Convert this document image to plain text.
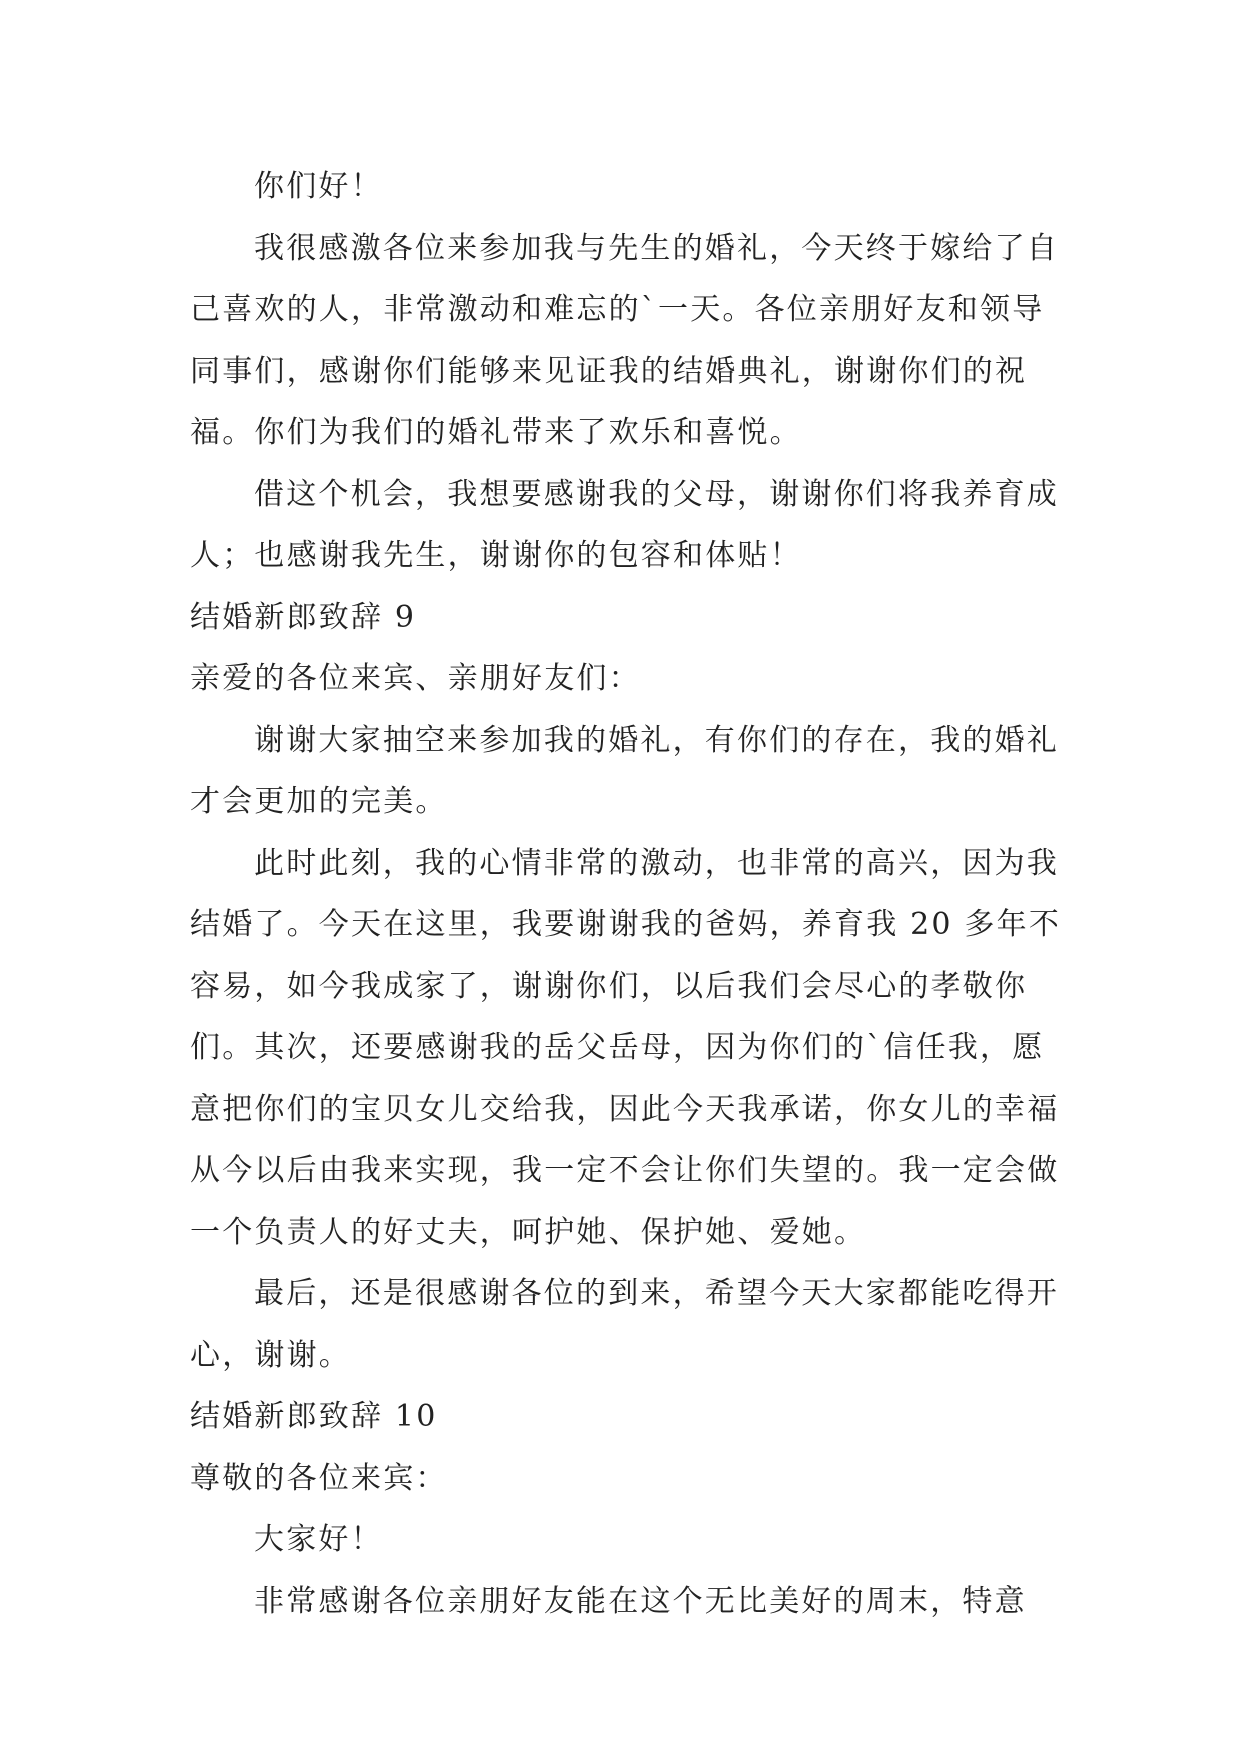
你们好！

我很感激各位来参加我与先生的婚礼，今天终于嫁给了自己喜欢的人，非常激动和难忘的`一天。各位亲朋好友和领导同事们，感谢你们能够来见证我的结婚典礼，谢谢你们的祝福。你们为我们的婚礼带来了欢乐和喜悦。

借这个机会，我想要感谢我的父母，谢谢你们将我养育成人；也感谢我先生，谢谢你的包容和体贴！

结婚新郎致辞 9

亲爱的各位来宾、亲朋好友们：

谢谢大家抽空来参加我的婚礼，有你们的存在，我的婚礼才会更加的完美。

此时此刻，我的心情非常的激动，也非常的高兴，因为我结婚了。今天在这里，我要谢谢我的爸妈，养育我 20 多年不容易，如今我成家了，谢谢你们，以后我们会尽心的孝敬你们。其次，还要感谢我的岳父岳母，因为你们的`信任我，愿意把你们的宝贝女儿交给我，因此今天我承诺，你女儿的幸福从今以后由我来实现，我一定不会让你们失望的。我一定会做一个负责人的好丈夫，呵护她、保护她、爱她。

最后，还是很感谢各位的到来，希望今天大家都能吃得开心，谢谢。

结婚新郎致辞 10

尊敬的各位来宾：

大家好！

非常感谢各位亲朋好友能在这个无比美好的周末，特意
